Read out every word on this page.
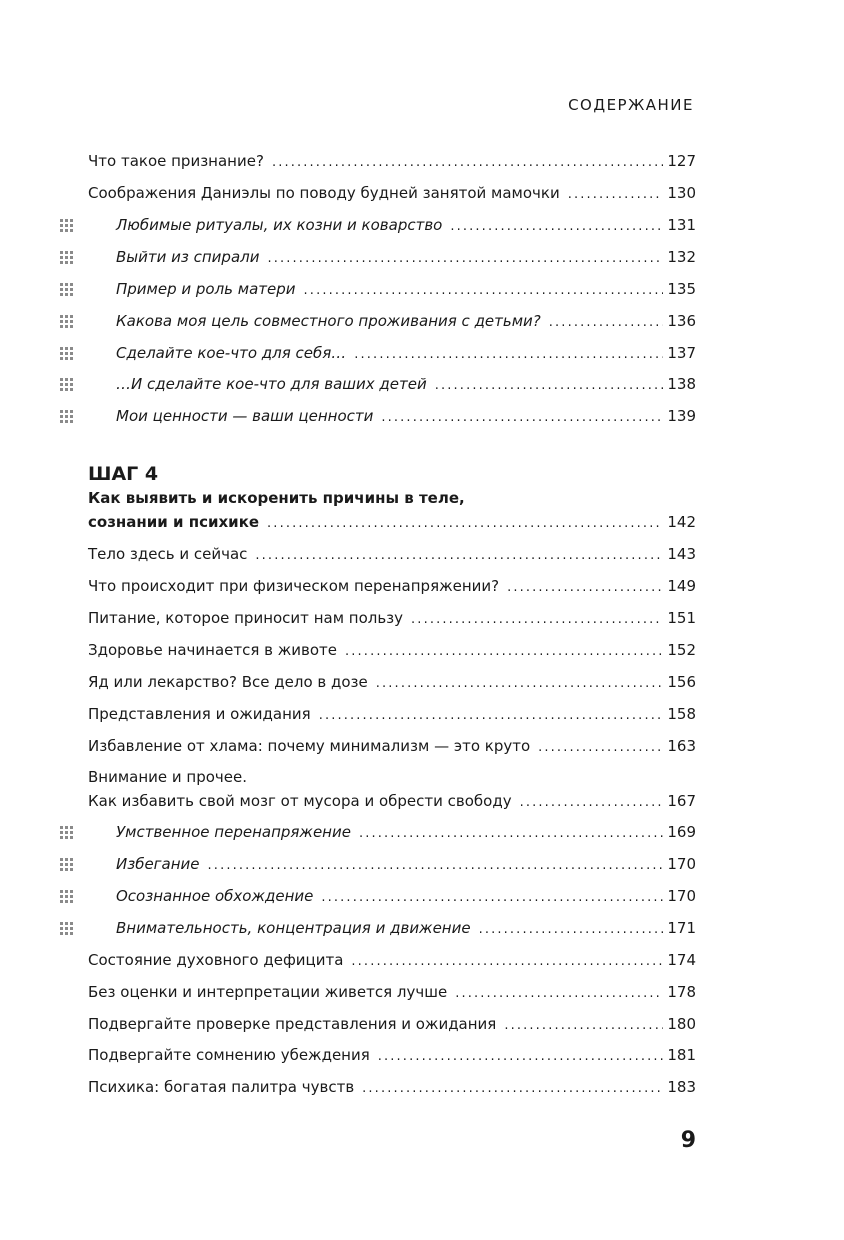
СОДЕРЖАНИЕ
Что такое признание? . . .	127
Соображения Даниэлы по поводу будней занятой мамочки . . .	130
Любимые ритуалы, их козни и коварство . . .	131
Выйти из спирали . . .	132
Пример и роль матери . . .	135
Какова моя цель совместного проживания с детьми? . . .	136
Сделайте кое-что для себя… . . .	137
…И сделайте кое-что для ваших детей . . .	138
Мои ценности — ваши ценности . . .	139
ШАГ 4
Как выявить и искоренить причины в теле,
сознании и психике . . .	142
Тело здесь и сейчас . . .	143
Что происходит при физическом перенапряжении? . . .	149
Питание, которое приносит нам пользу . . .	151
Здоровье начинается в животе . . .	152
Яд или лекарство? Все дело в дозе . . .	156
Представления и ожидания . . .	158
Избавление от хлама: почему минимализм — это круто . . .	163
Внимание и прочее.
Как избавить свой мозг от мусора и обрести свободу . . .	167
Умственное перенапряжение . . .	169
Избегание . . .	170
Осознанное обхождение . . .	170
Внимательность, концентрация и движение . . .	171
Состояние духовного дефицита . . .	174
Без оценки и интерпретации живется лучше . . .	178
Подвергайте проверке представления и ожидания . . .	180
Подвергайте сомнению убеждения . . .	181
Психика: богатая палитра чувств . . .	183
9
